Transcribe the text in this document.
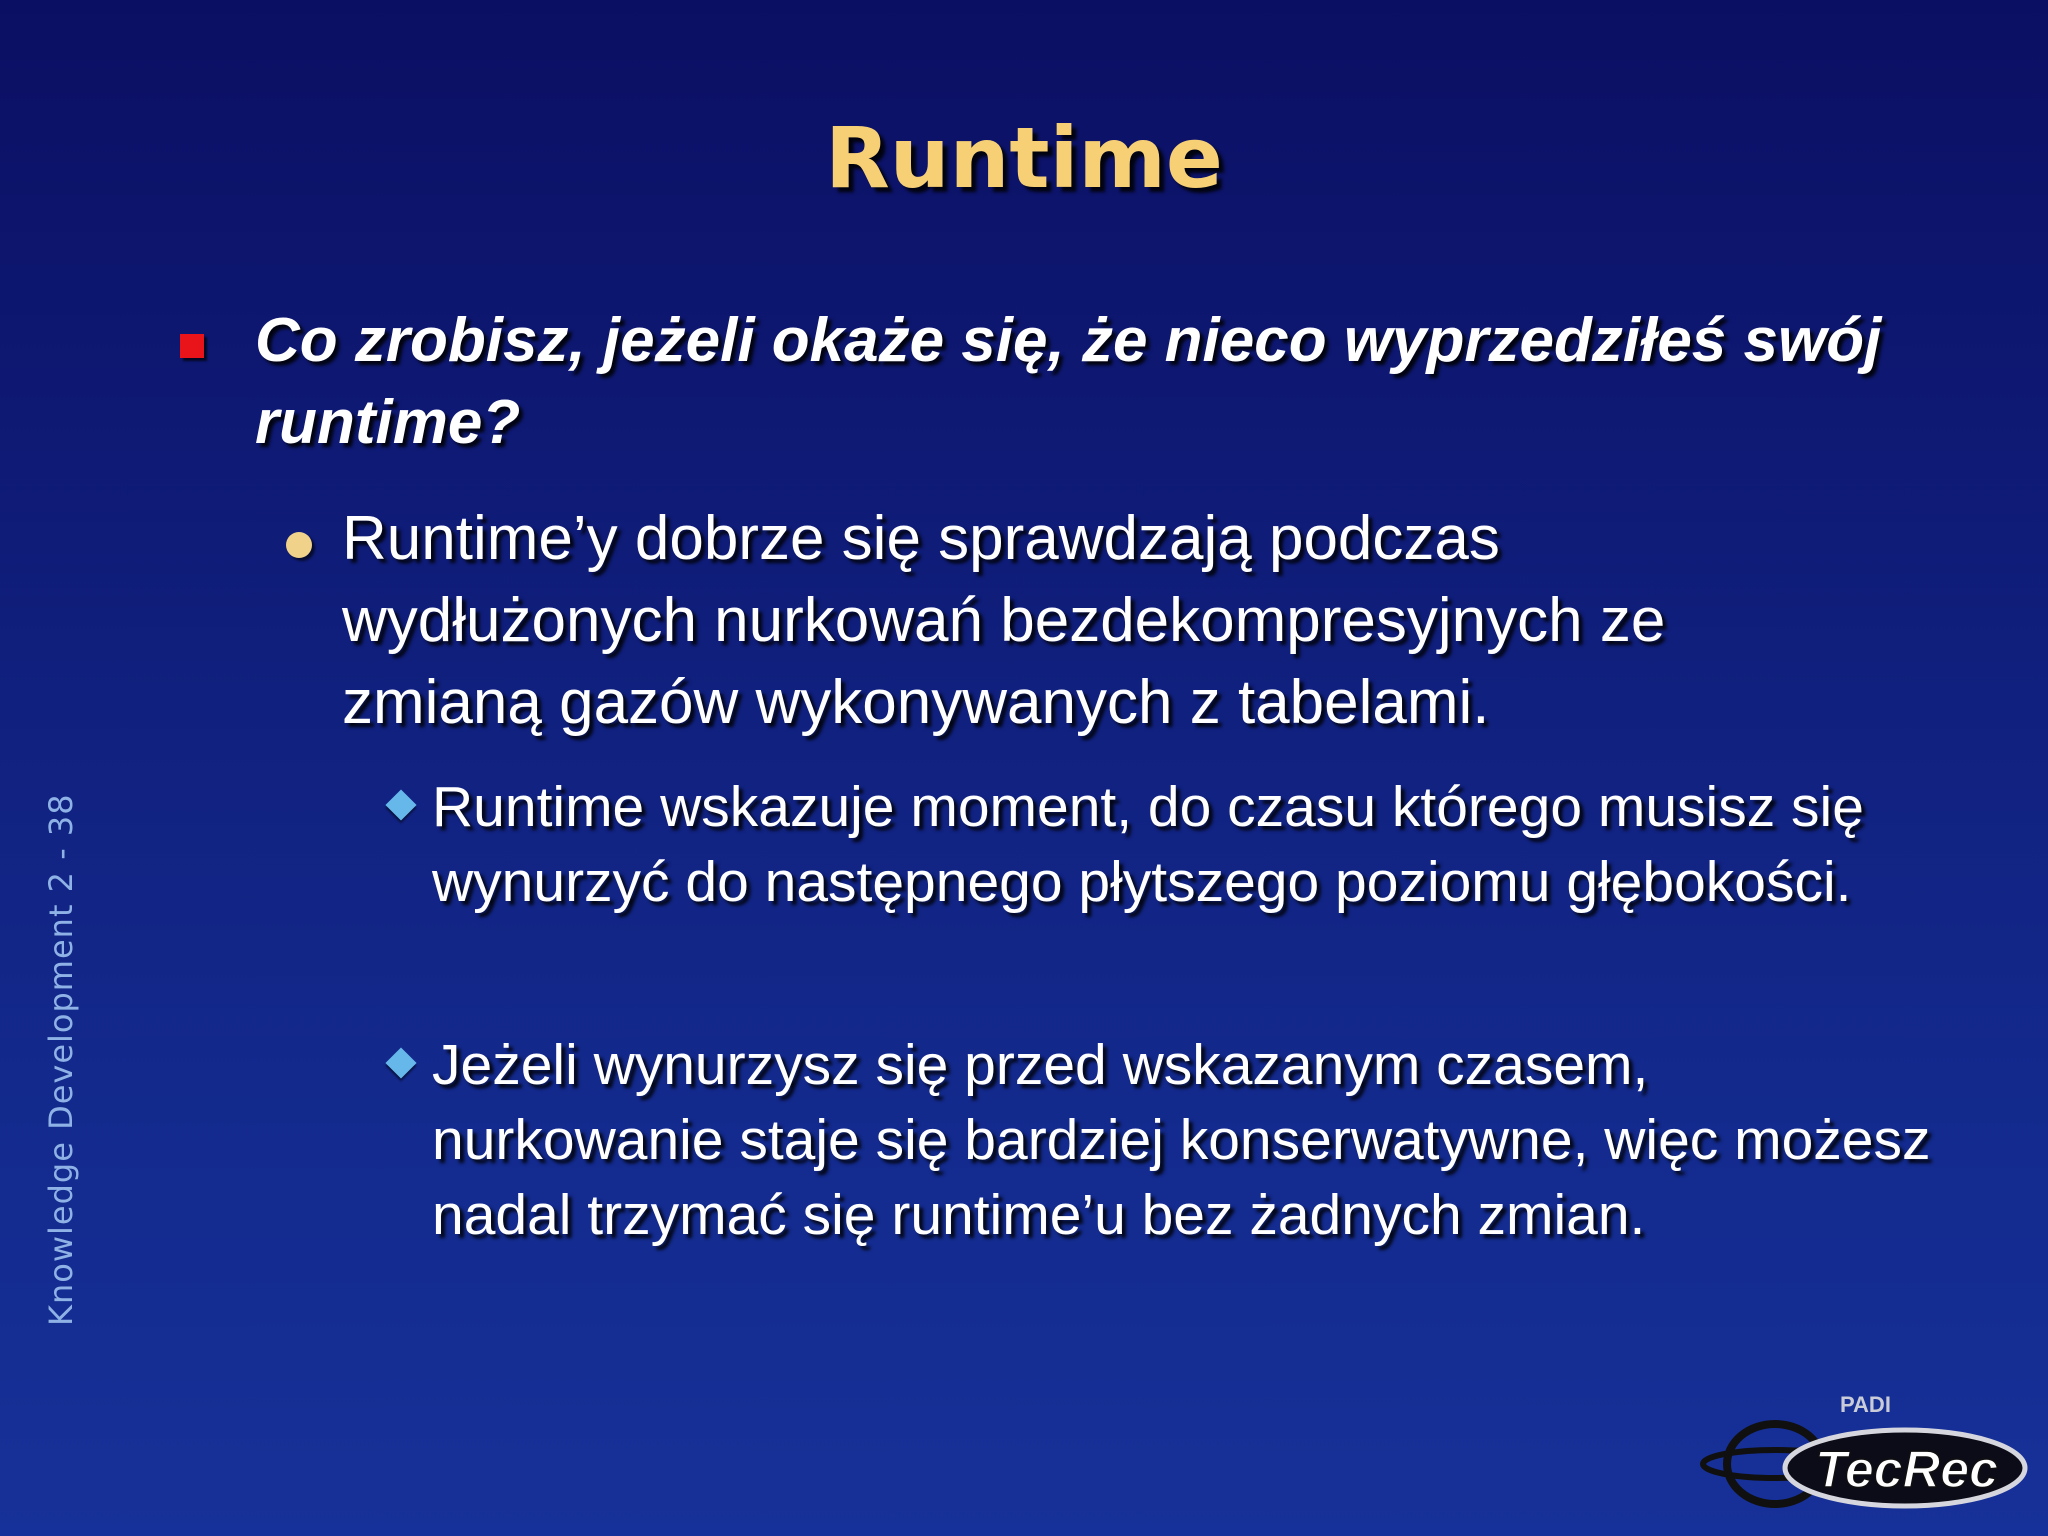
Runtime
Knowledge Development 2 - 38
Co zrobisz, jeżeli okaże się, że nieco wyprzedziłeś swój runtime?
Runtime’y dobrze się sprawdzają podczas wydłużonych nurkowań bezdekompresyjnych ze zmianą gazów wykonywanych z tabelami.
Runtime wskazuje moment, do czasu którego musisz się wynurzyć do następnego płytszego poziomu głębokości.
Jeżeli wynurzysz się przed wskazanym czasem, nurkowanie staje się bardziej konserwatywne, więc możesz nadal trzymać się runtime’u bez żadnych zmian.
PADI
TecRec
